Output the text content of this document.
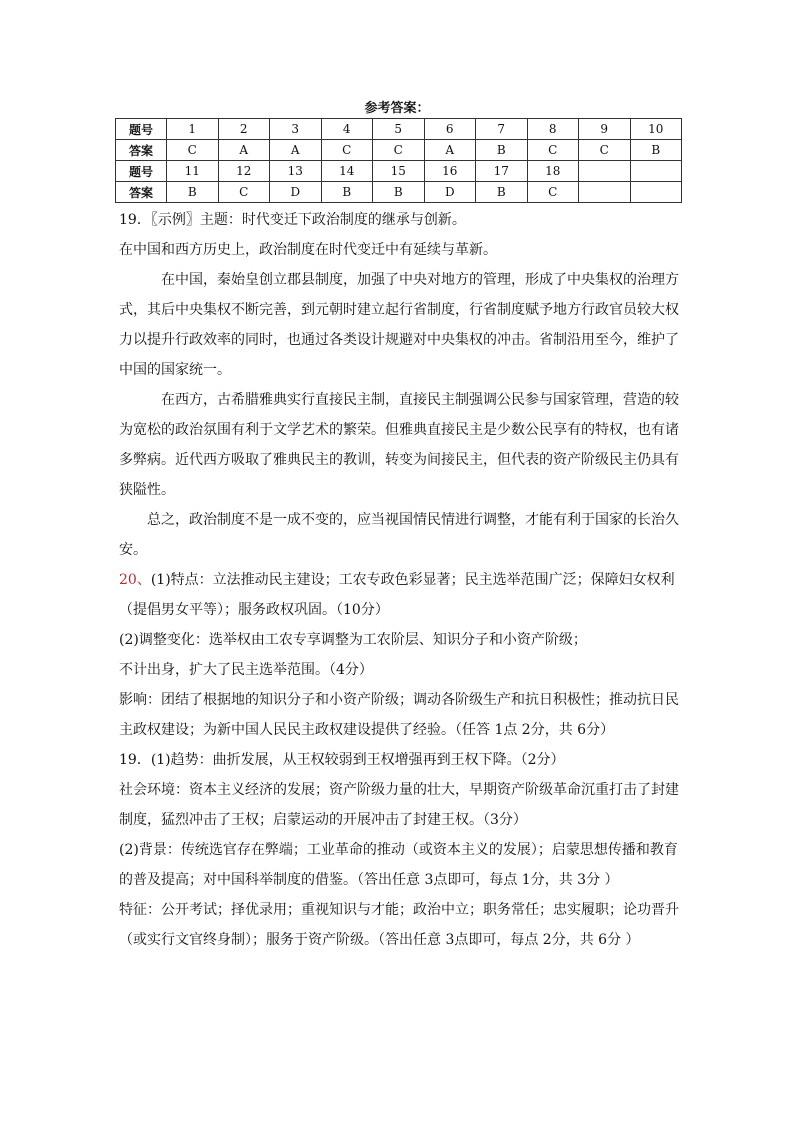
参考答案：
题号	1	2	3	4	5	6	7	8	9	10
答案	C	A	A	C	C	A	B	C	C	B
题号	11	12	13	14	15	16	17	18		
答案	B	C	D	B	B	D	B	C		
19．〖示例〗主题：时代变迁下政治制度的继承与创新。
在中国和西方历史上，政治制度在时代变迁中有延续与革新。
在中国，秦始皇创立郡县制度，加强了中央对地方的管理，形成了中央集权的治理方
式，其后中央集权不断完善，到元朝时建立起行省制度，行省制度赋予地方行政官员较大权
力以提升行政效率的同时，也通过各类设计规避对中央集权的冲击。省制沿用至今，维护了
中国的国家统一。
在西方，古希腊雅典实行直接民主制，直接民主制强调公民参与国家管理，营造的较
为宽松的政治氛围有利于文学艺术的繁荣。但雅典直接民主是少数公民享有的特权，也有诸
多弊病。近代西方吸取了雅典民主的教训，转变为间接民主，但代表的资产阶级民主仍具有
狭隘性。
总之，政治制度不是一成不变的，应当视国情民情进行调整，才能有利于国家的长治久
安。
20、(1)特点：立法推动民主建设；工农专政色彩显著；民主选举范围广泛；保障妇女权利
（提倡男女平等）；服务政权巩固。（10分）
(2)调整变化：选举权由工农专享调整为工农阶层、知识分子和小资产阶级；
不计出身，扩大了民主选举范围。（4分）
影响：团结了根据地的知识分子和小资产阶级；调动各阶级生产和抗日积极性；推动抗日民
主政权建设；为新中国人民民主政权建设提供了经验。（任答 1点 2分，共 6分）
19．(1)趋势：曲折发展，从王权较弱到王权增强再到王权下降。（2分）
社会环境：资本主义经济的发展；资产阶级力量的壮大，早期资产阶级革命沉重打击了封建
制度，猛烈冲击了王权；启蒙运动的开展冲击了封建王权。（3分）
(2)背景：传统选官存在弊端；工业革命的推动（或资本主义的发展）；启蒙思想传播和教育
的普及提高；对中国科举制度的借鉴。（答出任意 3点即可，每点 1分，共 3分 ）
特征：公开考试；择优录用；重视知识与才能；政治中立；职务常任；忠实履职；论功晋升
（或实行文官终身制）；服务于资产阶级。（答出任意 3点即可，每点 2分，共 6分 ）
